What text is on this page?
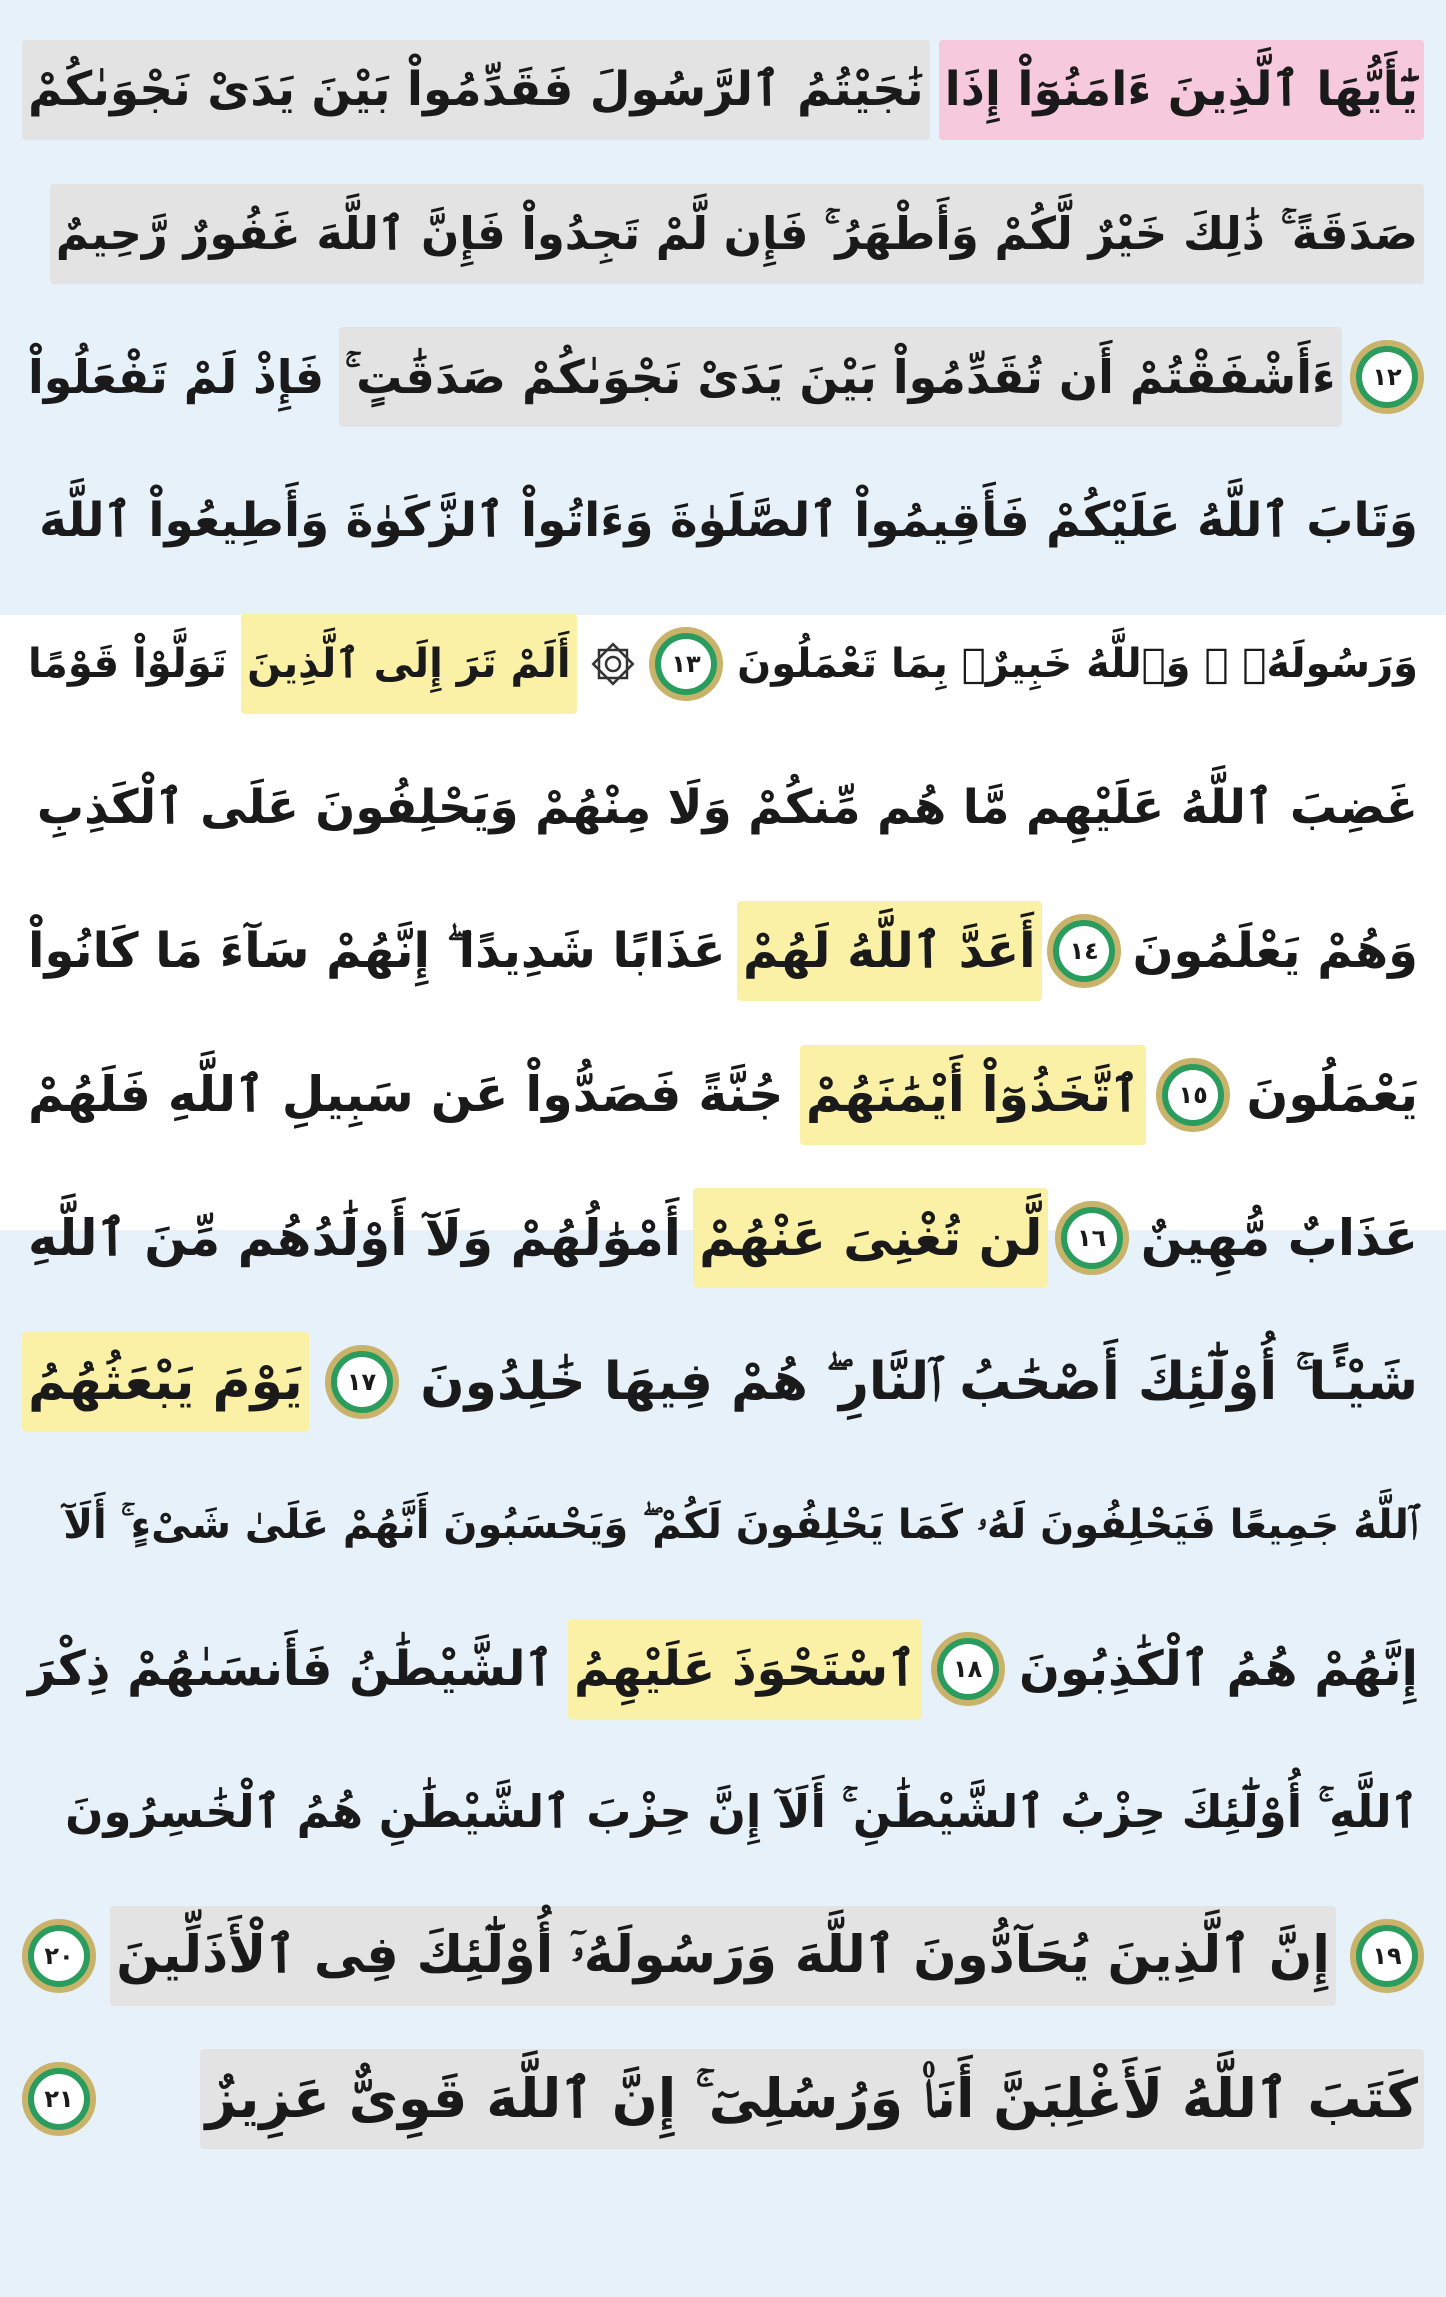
يَٰٓأَيُّهَا ٱلَّذِينَ ءَامَنُوٓاْ إِذَا
نَٰجَيْتُمُ ٱلرَّسُولَ فَقَدِّمُواْ بَيْنَ يَدَىْ نَجْوَىٰكُمْ
صَدَقَةً ۚ ذَٰلِكَ خَيْرٌ لَّكُمْ وَأَطْهَرُ ۚ فَإِن لَّمْ تَجِدُواْ فَإِنَّ ٱللَّهَ غَفُورٌ رَّحِيمٌ
١٢
ءَأَشْفَقْتُمْ أَن تُقَدِّمُواْ بَيْنَ يَدَىْ نَجْوَىٰكُمْ صَدَقَٰتٍ ۚ
فَإِذْ لَمْ تَفْعَلُواْ
وَتَابَ ٱللَّهُ عَلَيْكُمْ فَأَقِيمُواْ ٱلصَّلَوٰةَ وَءَاتُواْ ٱلزَّكَوٰةَ وَأَطِيعُواْ ٱللَّهَ
وَرَسُولَهُۥ ۚ وَٱللَّهُ خَبِيرٌۢ بِمَا تَعْمَلُونَ
١٣
أَلَمْ تَرَ إِلَى ٱلَّذِينَ
تَوَلَّوْاْ قَوْمًا
غَضِبَ ٱللَّهُ عَلَيْهِم مَّا هُم مِّنكُمْ وَلَا مِنْهُمْ وَيَحْلِفُونَ عَلَى ٱلْكَذِبِ
وَهُمْ يَعْلَمُونَ
١٤
أَعَدَّ ٱللَّهُ لَهُمْ
عَذَابًا شَدِيدًا ۖ إِنَّهُمْ سَآءَ مَا كَانُواْ
يَعْمَلُونَ
١٥
ٱتَّخَذُوٓاْ أَيْمَٰنَهُمْ
جُنَّةً فَصَدُّواْ عَن سَبِيلِ ٱللَّهِ فَلَهُمْ
عَذَابٌ مُّهِينٌ
١٦
لَّن تُغْنِىَ عَنْهُمْ
أَمْوَٰلُهُمْ وَلَآ أَوْلَٰدُهُم مِّنَ ٱللَّهِ
شَيْـًٔا ۚ أُوْلَٰٓئِكَ أَصْحَٰبُ ٱلنَّارِ ۖ هُمْ فِيهَا خَٰلِدُونَ
١٧
يَوْمَ يَبْعَثُهُمُ
ٱللَّهُ جَمِيعًا فَيَحْلِفُونَ لَهُۥ كَمَا يَحْلِفُونَ لَكُمْ ۖ وَيَحْسَبُونَ أَنَّهُمْ عَلَىٰ شَىْءٍ ۚ أَلَآ
إِنَّهُمْ هُمُ ٱلْكَٰذِبُونَ
١٨
ٱسْتَحْوَذَ عَلَيْهِمُ
ٱلشَّيْطَٰنُ فَأَنسَىٰهُمْ ذِكْرَ
ٱللَّهِ ۚ أُوْلَٰٓئِكَ حِزْبُ ٱلشَّيْطَٰنِ ۚ أَلَآ إِنَّ حِزْبَ ٱلشَّيْطَٰنِ هُمُ ٱلْخَٰسِرُونَ
١٩
إِنَّ ٱلَّذِينَ يُحَآدُّونَ ٱللَّهَ وَرَسُولَهُۥٓ أُوْلَٰٓئِكَ فِى ٱلْأَذَلِّينَ
٢٠
كَتَبَ ٱللَّهُ لَأَغْلِبَنَّ أَنَا۠ وَرُسُلِىٓ ۚ إِنَّ ٱللَّهَ قَوِىٌّ عَزِيزٌ
٢١
